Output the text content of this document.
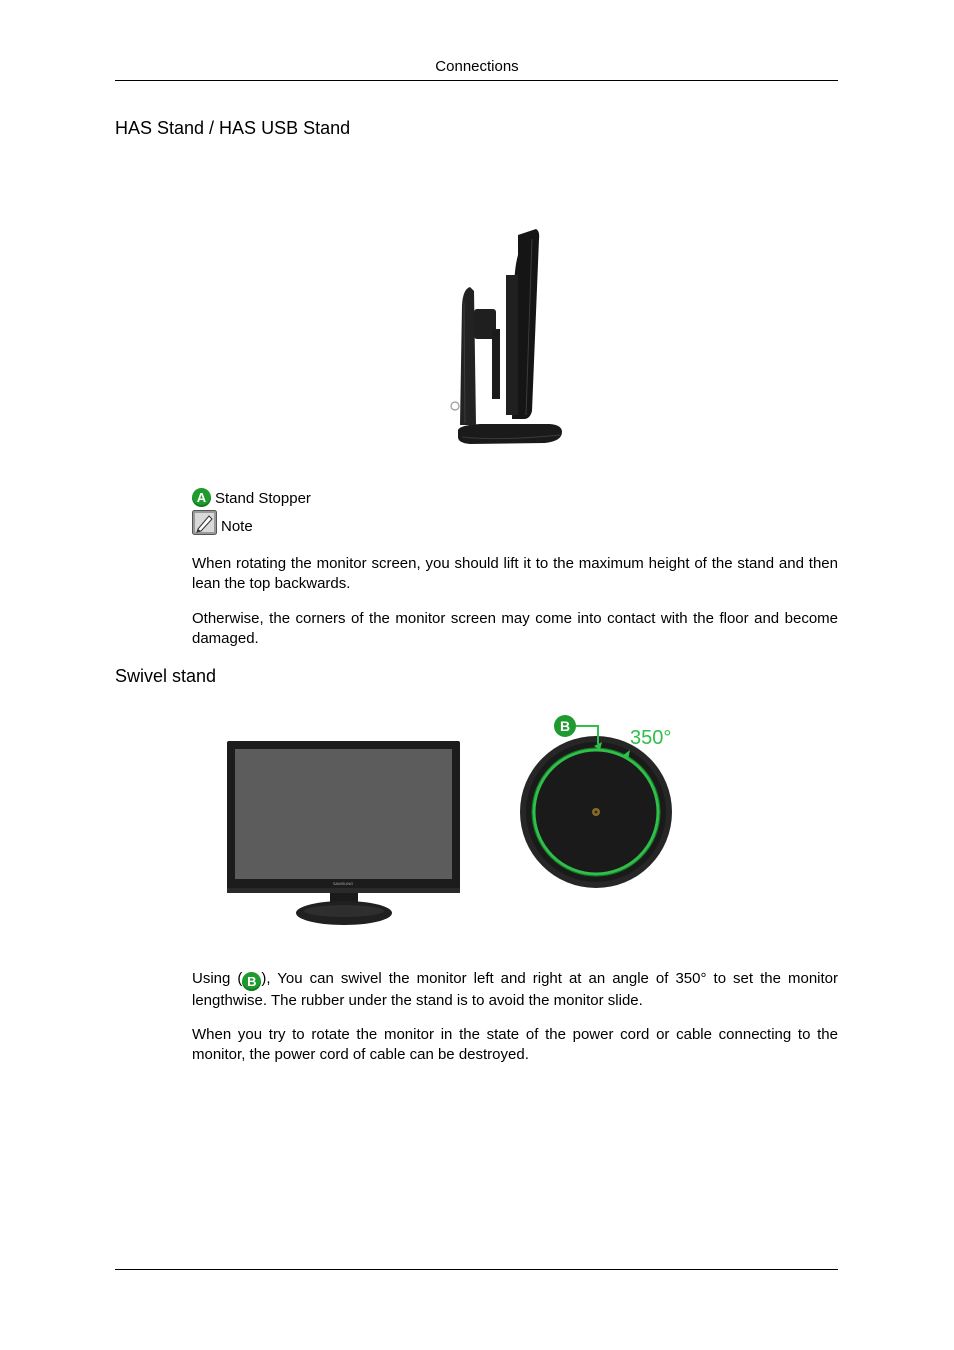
Connections
HAS Stand / HAS USB Stand
A Stand Stopper
Note
When rotating the monitor screen, you should lift it to the maximum height of the stand and then lean the top backwards.
Otherwise, the corners of the monitor screen may come into contact with the floor and become damaged.
Swivel stand
SAMSUNG
B
350°
Using ( B ), You can swivel the monitor left and right at an angle of 350° to set the monitor lengthwise. The rubber under the stand is to avoid the monitor slide.
When you try to rotate the monitor in the state of the power cord or cable connecting to the monitor, the power cord of cable can be destroyed.
